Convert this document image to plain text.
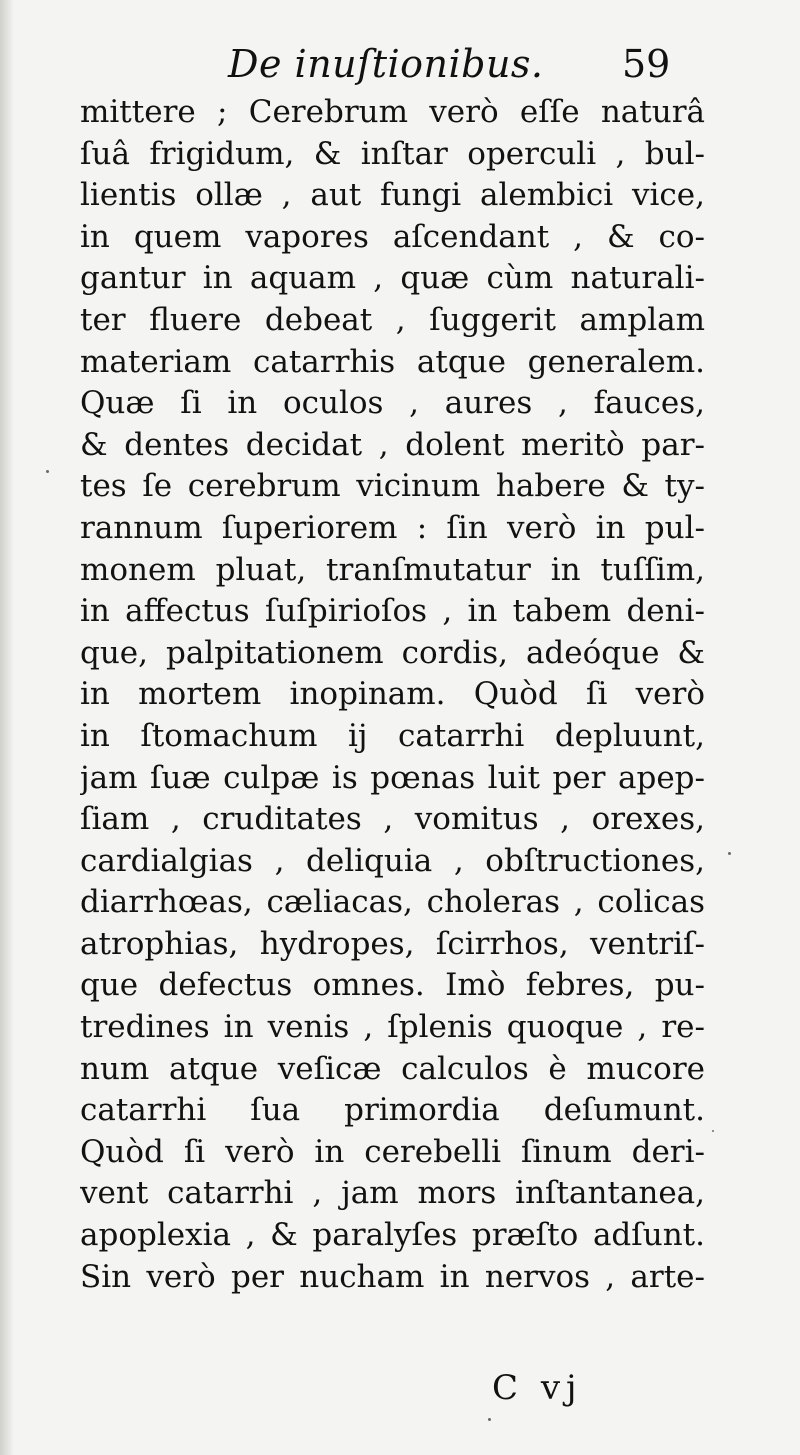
De inuſtionibus. 59
mittere ; Cerebrum verò eſſe naturâ
ſuâ frigidum, & inſtar operculi , bul-
lientis ollæ , aut fungi alembici vice,
in quem vapores aſcendant , & co-
gantur in aquam , quæ cùm naturali-
ter fluere debeat , ſuggerit amplam
materiam catarrhis atque generalem.
Quæ ſi in oculos , aures , fauces,
& dentes decidat , dolent meritò par-
tes ſe cerebrum vicinum habere & ty-
rannum ſuperiorem : ſin verò in pul-
monem pluat, tranſmutatur in tuſſim,
in affectus ſuſpirioſos , in tabem deni-
que, palpitationem cordis, adeóque &
in mortem inopinam. Quòd ſi verò
in ſtomachum ij catarrhi depluunt,
jam ſuæ culpæ is pœnas luit per apep-
ſiam , cruditates , vomitus , orexes,
cardialgias , deliquia , obſtructiones,
diarrhœas, cæliacas, choleras , colicas
atrophias, hydropes, ſcirrhos, ventriſ-
que defectus omnes. Imò febres, pu-
tredines in venis , ſplenis quoque , re-
num atque veſicæ calculos è mucore
catarrhi ſua primordia deſumunt.
Quòd ſi verò in cerebelli ſinum deri-
vent catarrhi , jam mors inſtantanea,
apoplexia , & paralyſes præſto adſunt.
Sin verò per nucham in nervos , arte-
C vj
